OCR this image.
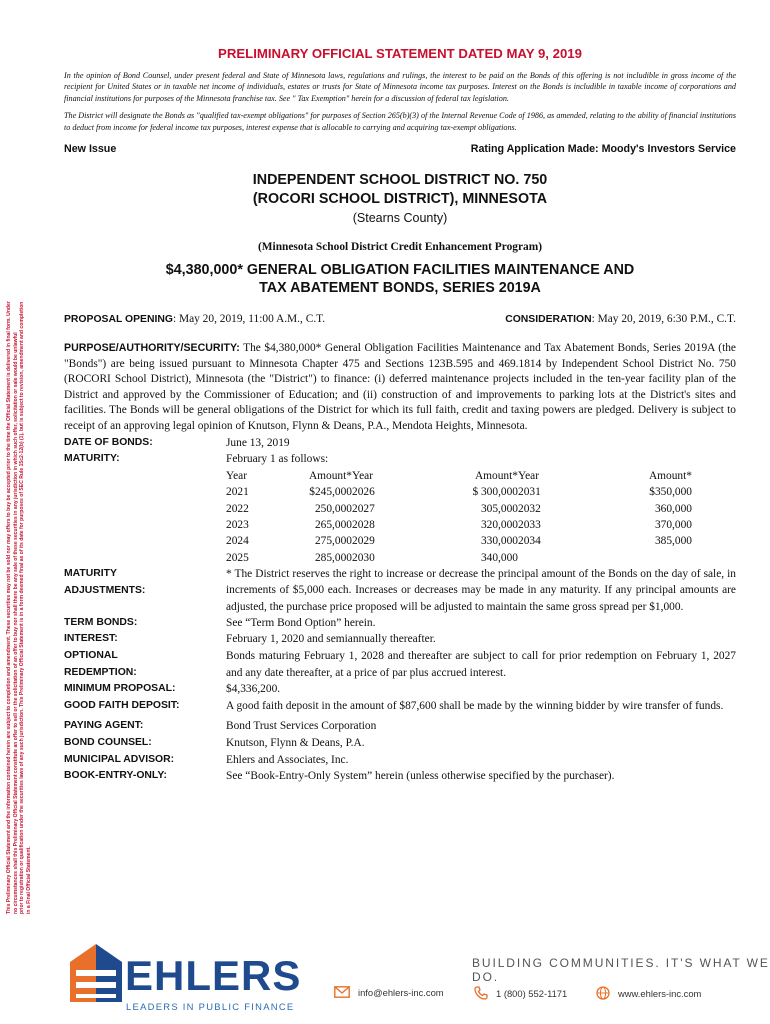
This Preliminary Official Statement and the information contained herein are subject to completion and amendment. These securities may not be sold nor may offers to buy be accepted prior to the time the Official Statement is delivered in final form. Under no circumstances shall this Preliminary Official Statement constitute an offer to sell or the solicitation of an offer to buy nor shall there be any sale of these securities in any jurisdiction in which such offer, solicitation or sale would be unlawful prior to registration or qualification under the securities laws of any such jurisdiction. This Preliminary Official Statement is in a form deemed final as of its date for purposes of SEC Rule 15c2-12(b) (1), but is subject to revision, amendment and completion in a Final Official Statement.

PRELIMINARY OFFICIAL STATEMENT DATED MAY 9, 2019

In the opinion of Bond Counsel, under present federal and State of Minnesota laws, regulations and rulings, the interest to be paid on the Bonds of this offering is not includible in gross income of the recipient for United States or in taxable net income of individuals, estates or trusts for State of Minnesota income tax purposes. Interest on the Bonds is includible in taxable income of corporations and financial institutions for purposes of the Minnesota franchise tax. See " Tax Exemption" herein for a discussion of federal tax legislation.

The District will designate the Bonds as "qualified tax-exempt obligations" for purposes of Section 265(b)(3) of the Internal Revenue Code of 1986, as amended, relating to the ability of financial institutions to deduct from income for federal income tax purposes, interest expense that is allocable to carrying and acquiring tax-exempt obligations.

New Issue	Rating Application Made: Moody's Investors Service
INDEPENDENT SCHOOL DISTRICT NO. 750
(ROCORI SCHOOL DISTRICT), MINNESOTA
(Stearns County)
(Minnesota School District Credit Enhancement Program)
$4,380,000* GENERAL OBLIGATION FACILITIES MAINTENANCE AND
TAX ABATEMENT BONDS, SERIES 2019A
PROPOSAL OPENING: May 20, 2019, 11:00 A.M., C.T.	CONSIDERATION: May 20, 2019, 6:30 P.M., C.T.
PURPOSE/AUTHORITY/SECURITY: The $4,380,000* General Obligation Facilities Maintenance and Tax Abatement Bonds, Series 2019A (the "Bonds") are being issued pursuant to Minnesota Chapter 475 and Sections 123B.595 and 469.1814 by Independent School District No. 750 (ROCORI School District), Minnesota (the "District") to finance: (i) deferred maintenance projects included in the ten-year facility plan of the District and approved by the Commissioner of Education; and (ii) construction of and improvements to parking lots at the District's sites and facilities. The Bonds will be general obligations of the District for which its full faith, credit and taxing powers are pledged. Delivery is subject to receipt of an approving legal opinion of Knutson, Flynn & Deans, P.A., Mendota Heights, Minnesota.
DATE OF BONDS:	June 13, 2019
MATURITY:	February 1 as follows:
Year	Amount* Year	Amount* Year	Amount*
2021	$245,000 2026	$ 300,000 2031	$350,000
2022	250,000 2027	305,000 2032	360,000
2023	265,000 2028	320,000 2033	370,000
2024	275,000 2029	330,000 2034	385,000
2025	285,000 2030	340,000
MATURITY
ADJUSTMENTS:
* The District reserves the right to increase or decrease the principal amount of the Bonds on the day of sale, in increments of $5,000 each. Increases or decreases may be made in any maturity. If any principal amounts are adjusted, the purchase price proposed will be adjusted to maintain the same gross spread per $1,000.
TERM BONDS:	See “Term Bond Option” herein.
INTEREST:	February 1, 2020 and semiannually thereafter.
OPTIONAL
REDEMPTION:
Bonds maturing February 1, 2028 and thereafter are subject to call for prior redemption on February 1, 2027 and any date thereafter, at a price of par plus accrued interest.
MINIMUM PROPOSAL:	$4,336,200.
GOOD FAITH DEPOSIT:	A good faith deposit in the amount of $87,600 shall be made by the winning bidder by wire transfer of funds.
PAYING AGENT:	Bond Trust Services Corporation
BOND COUNSEL:	Knutson, Flynn & Deans, P.A.
MUNICIPAL ADVISOR:	Ehlers and Associates, Inc.
BOOK-ENTRY-ONLY:	See “Book-Entry-Only System” herein (unless otherwise specified by the purchaser).
EHLERS
LEADERS IN PUBLIC FINANCE
BUILDING COMMUNITIES. IT'S WHAT WE DO.
info@ehlers-inc.com	1 (800) 552-1171	www.ehlers-inc.com
